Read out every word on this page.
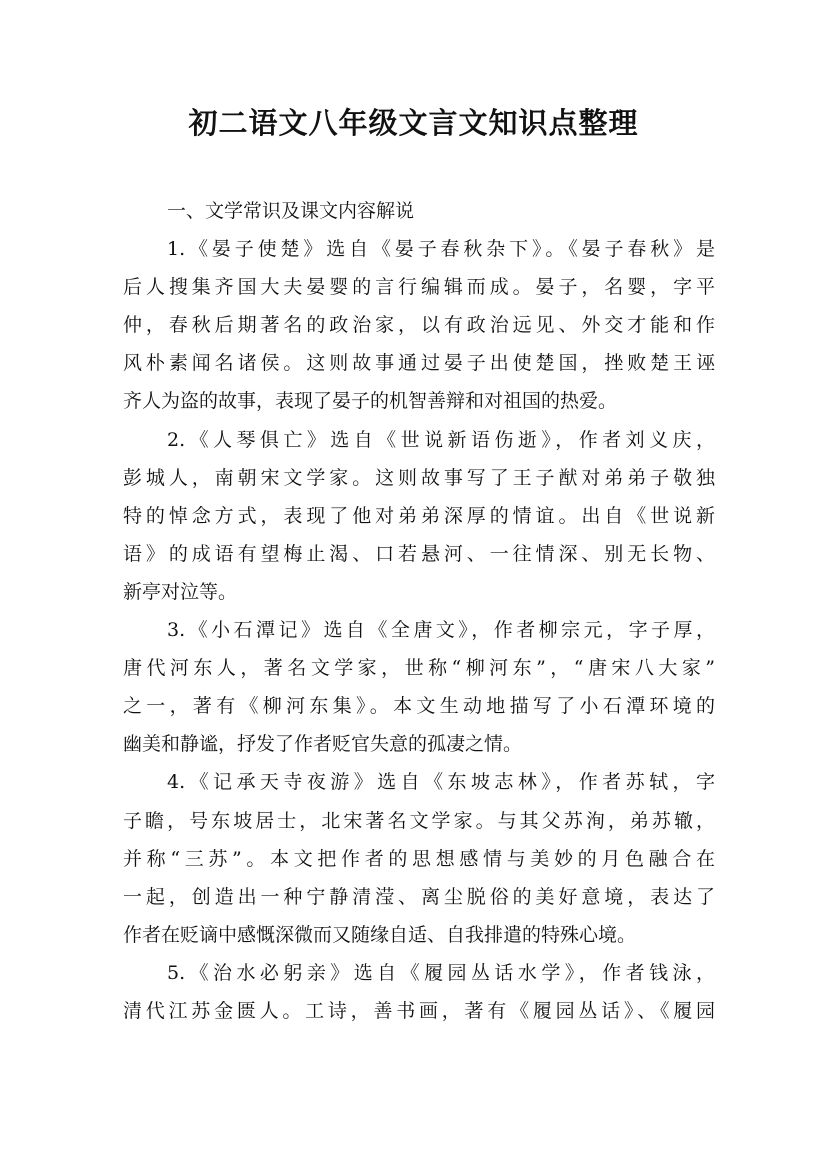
初二语文八年级文言文知识点整理
一、文学常识及课文内容解说
1.《晏子使楚》选自《晏子春秋杂下》。《晏子春秋》是
后人搜集齐国大夫晏婴的言行编辑而成。晏子，名婴，字平
仲，春秋后期著名的政治家，以有政治远见、外交才能和作
风朴素闻名诸侯。这则故事通过晏子出使楚国，挫败楚王诬
齐人为盗的故事，表现了晏子的机智善辩和对祖国的热爱。
2.《人琴俱亡》选自《世说新语伤逝》，作者刘义庆，
彭城人，南朝宋文学家。这则故事写了王子猷对弟弟子敬独
特的悼念方式，表现了他对弟弟深厚的情谊。出自《世说新
语》的成语有望梅止渴、口若悬河、一往情深、别无长物、
新亭对泣等。
3.《小石潭记》选自《全唐文》，作者柳宗元，字子厚，
唐代河东人，著名文学家，世称“柳河东”，“唐宋八大家”
之一，著有《柳河东集》。本文生动地描写了小石潭环境的
幽美和静谧，抒发了作者贬官失意的孤凄之情。
4.《记承天寺夜游》选自《东坡志林》，作者苏轼，字
子瞻，号东坡居士，北宋著名文学家。与其父苏洵，弟苏辙，
并称“三苏”。本文把作者的思想感情与美妙的月色融合在
一起，创造出一种宁静清滢、离尘脱俗的美好意境，表达了
作者在贬谪中感慨深微而又随缘自适、自我排遣的特殊心境。
5.《治水必躬亲》选自《履园丛话水学》，作者钱泳，
清代江苏金匮人。工诗，善书画，著有《履园丛话》、《履园
